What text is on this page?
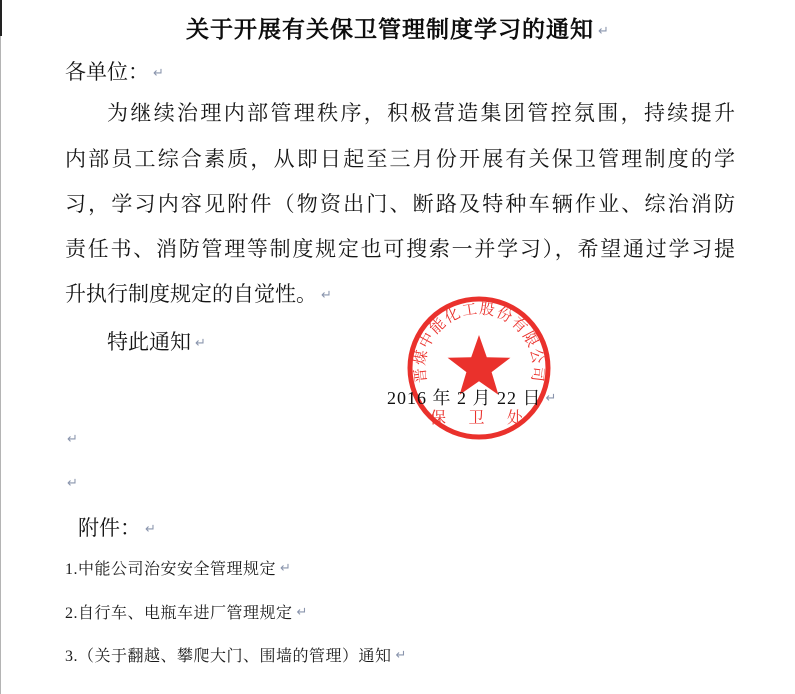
关于开展有关保卫管理制度学习的通知 ↵
各单位： ↵
为继续治理内部管理秩序，积极营造集团管控氛围，持续提升
内部员工综合素质，从即日起至三月份开展有关保卫管理制度的学
习，学习内容见附件（物资出门、断路及特种车辆作业、综治消防
责任书、消防管理等制度规定也可搜索一并学习），希望通过学习提
升执行制度规定的自觉性。 ↵
特此通知 ↵
晋煤中能化工股份有限公司
保 卫 处
2016 年 2 月 22 日 ↵
↵
↵
附件： ↵
1.中能公司治安安全管理规定 ↵
2.自行车、电瓶车进厂管理规定 ↵
3.（关于翻越、攀爬大门、围墙的管理）通知 ↵
